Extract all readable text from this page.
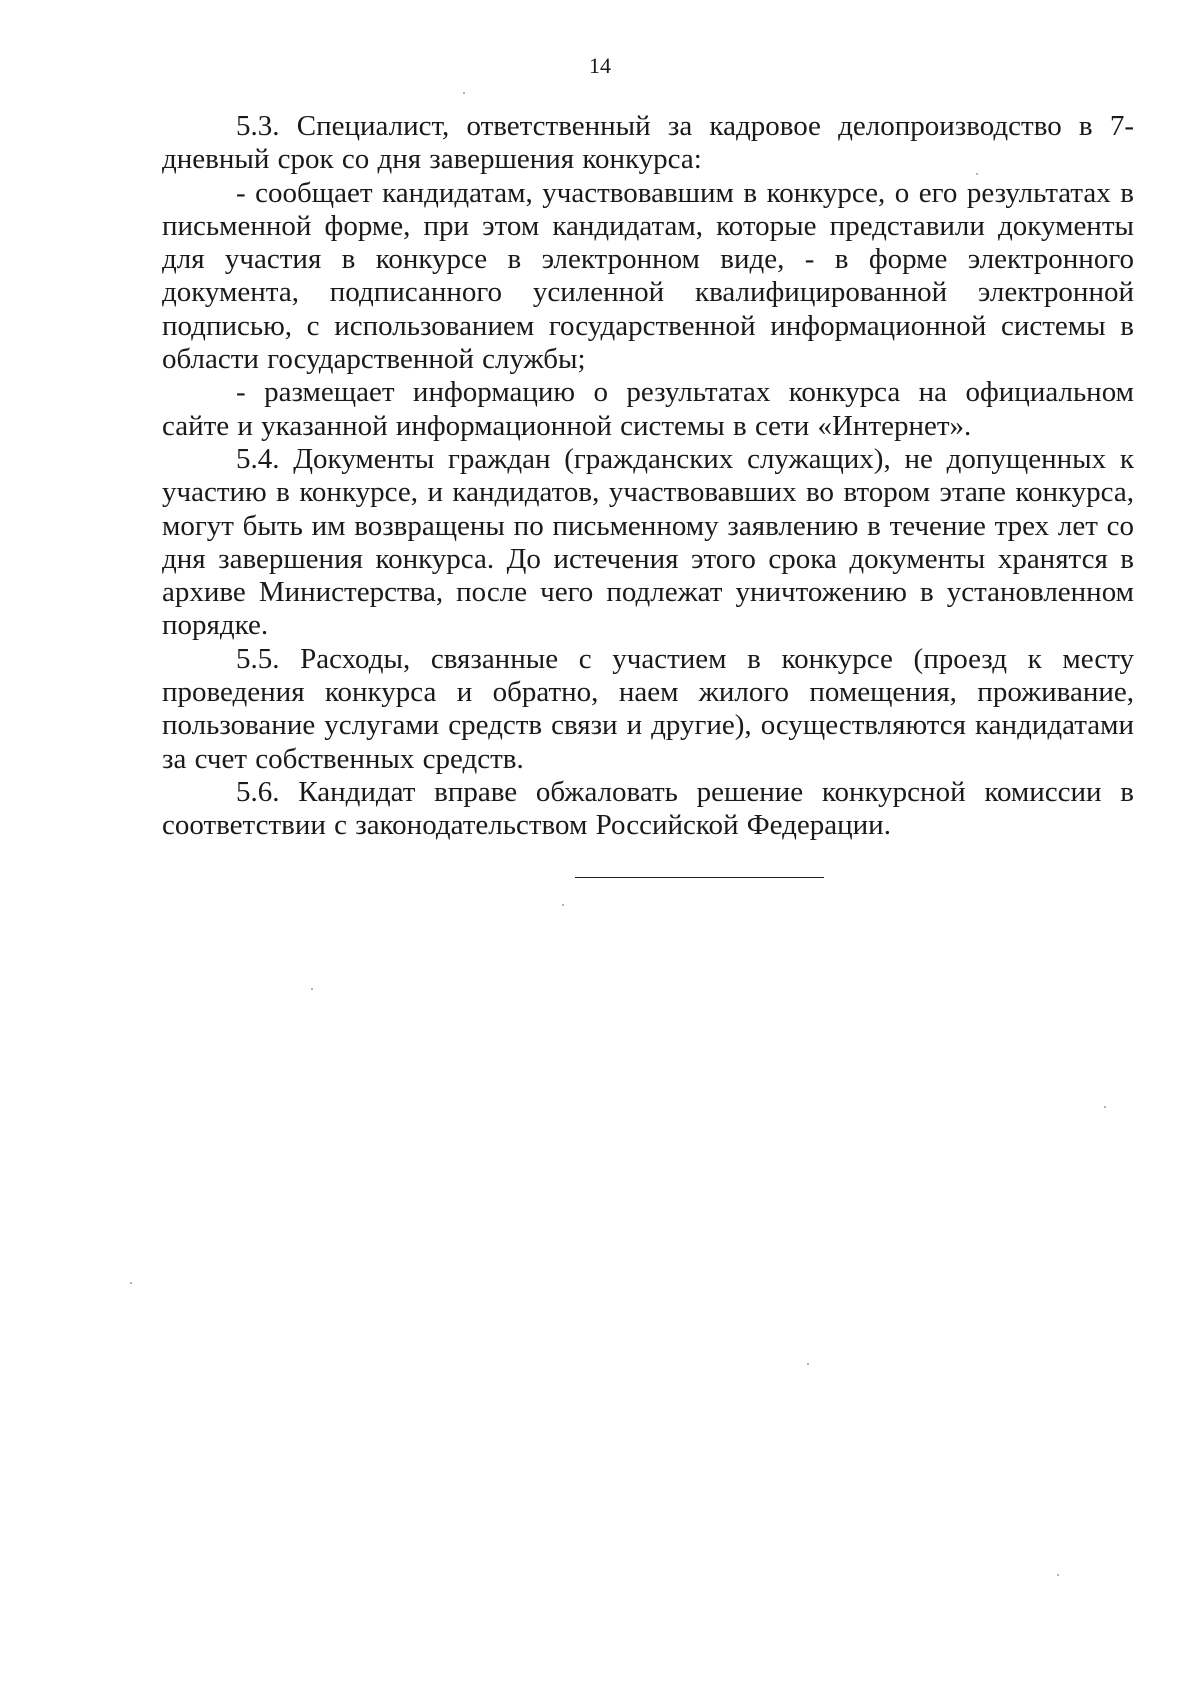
14

5.3. Специалист, ответственный за кадровое делопроизводство в 7-дневный срок со дня завершения конкурса:

- сообщает кандидатам, участвовавшим в конкурсе, о его результатах в письменной форме, при этом кандидатам, которые представили документы для участия в конкурсе в электронном виде, - в форме электронного документа, подписанного усиленной квалифицированной электронной подписью, с использованием государственной информационной системы в области государственной службы;

- размещает информацию о результатах конкурса на официальном сайте и указанной информационной системы в сети «Интернет».

5.4. Документы граждан (гражданских служащих), не допущенных к участию в конкурсе, и кандидатов, участвовавших во втором этапе конкурса, могут быть им возвращены по письменному заявлению в течение трех лет со дня завершения конкурса. До истечения этого срока документы хранятся в архиве Министерства, после чего подлежат уничтожению в установленном порядке.

5.5. Расходы, связанные с участием в конкурсе (проезд к месту проведения конкурса и обратно, наем жилого помещения, проживание, пользование услугами средств связи и другие), осуществляются кандидатами за счет собственных средств.

5.6. Кандидат вправе обжаловать решение конкурсной комиссии в соответствии с законодательством Российской Федерации.
